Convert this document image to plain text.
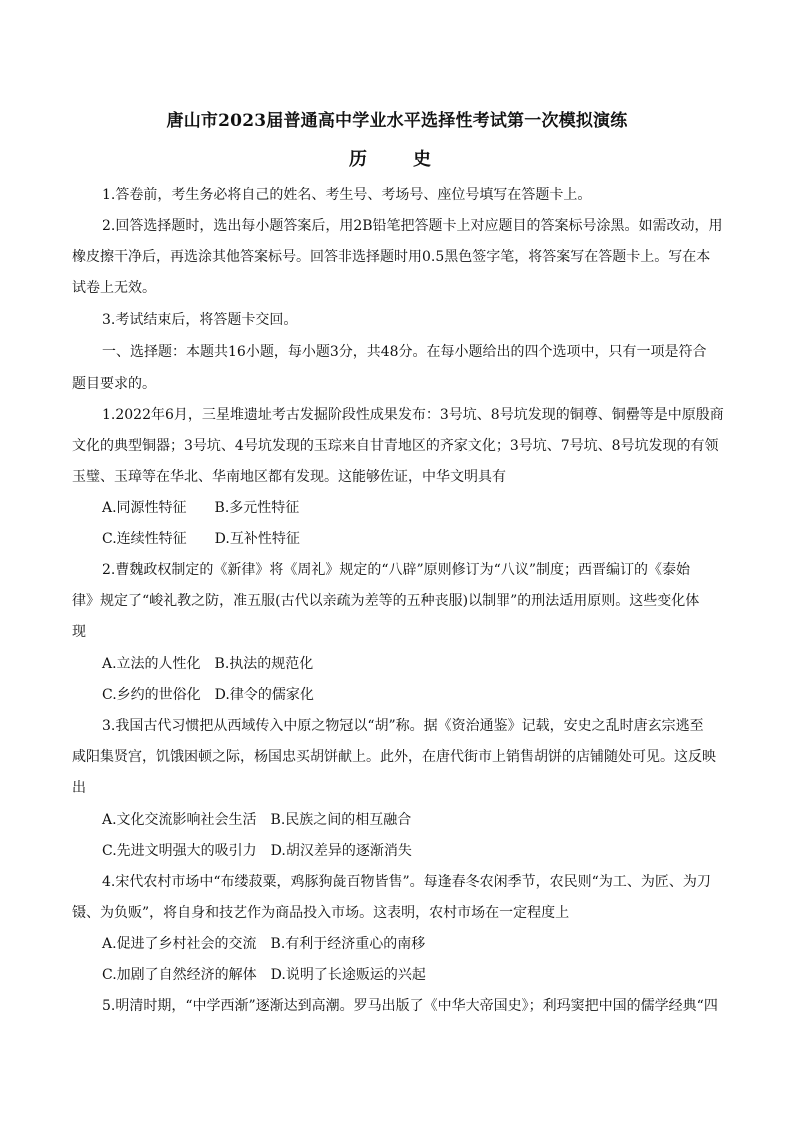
唐山市2023届普通高中学业水平选择性考试第一次模拟演练
历　史
1.答卷前，考生务必将自己的姓名、考生号、考场号、座位号填写在答题卡上。
2.回答选择题时，选出每小题答案后，用2B铅笔把答题卡上对应题目的答案标号涂黑。如需改动，用
橡皮擦干净后，再选涂其他答案标号。回答非选择题时用0.5黑色签字笔，将答案写在答题卡上。写在本
试卷上无效。
3.考试结束后，将答题卡交回。
一、选择题：本题共16小题，每小题3分，共48分。在每小题给出的四个选项中，只有一项是符合
题目要求的。
1.2022年6月，三星堆遗址考古发掘阶段性成果发布：3号坑、8号坑发现的铜尊、铜罍等是中原殷商
文化的典型铜器；3号坑、4号坑发现的玉琮来自甘青地区的齐家文化；3号坑、7号坑、8号坑发现的有领
玉璧、玉璋等在华北、华南地区都有发现。这能够佐证，中华文明具有
A.同源性特征　　B.多元性特征
C.连续性特征　　D.互补性特征
2.曹魏政权制定的《新律》将《周礼》规定的“八辟”原则修订为“八议”制度；西晋编订的《泰始
律》规定了“峻礼教之防，准五服(古代以亲疏为差等的五种丧服)以制罪”的刑法适用原则。这些变化体
现
A.立法的人性化　B.执法的规范化
C.乡约的世俗化　D.律令的儒家化
3.我国古代习惯把从西域传入中原之物冠以“胡”称。据《资治通鉴》记载，安史之乱时唐玄宗逃至
咸阳集贤宫，饥饿困顿之际，杨国忠买胡饼献上。此外，在唐代街市上销售胡饼的店铺随处可见。这反映
出
A.文化交流影响社会生活　B.民族之间的相互融合
C.先进文明强大的吸引力　D.胡汉差异的逐渐消失
4.宋代农村市场中“布缕菽粟，鸡豚狗彘百物皆售”。每逢春冬农闲季节，农民则“为工、为匠、为刀
镊、为负贩”，将自身和技艺作为商品投入市场。这表明，农村市场在一定程度上
A.促进了乡村社会的交流　B.有利于经济重心的南移
C.加剧了自然经济的解体　D.说明了长途贩运的兴起
5.明清时期，“中学西渐”逐渐达到高潮。罗马出版了《中华大帝国史》；利玛窦把中国的儒学经典“四
